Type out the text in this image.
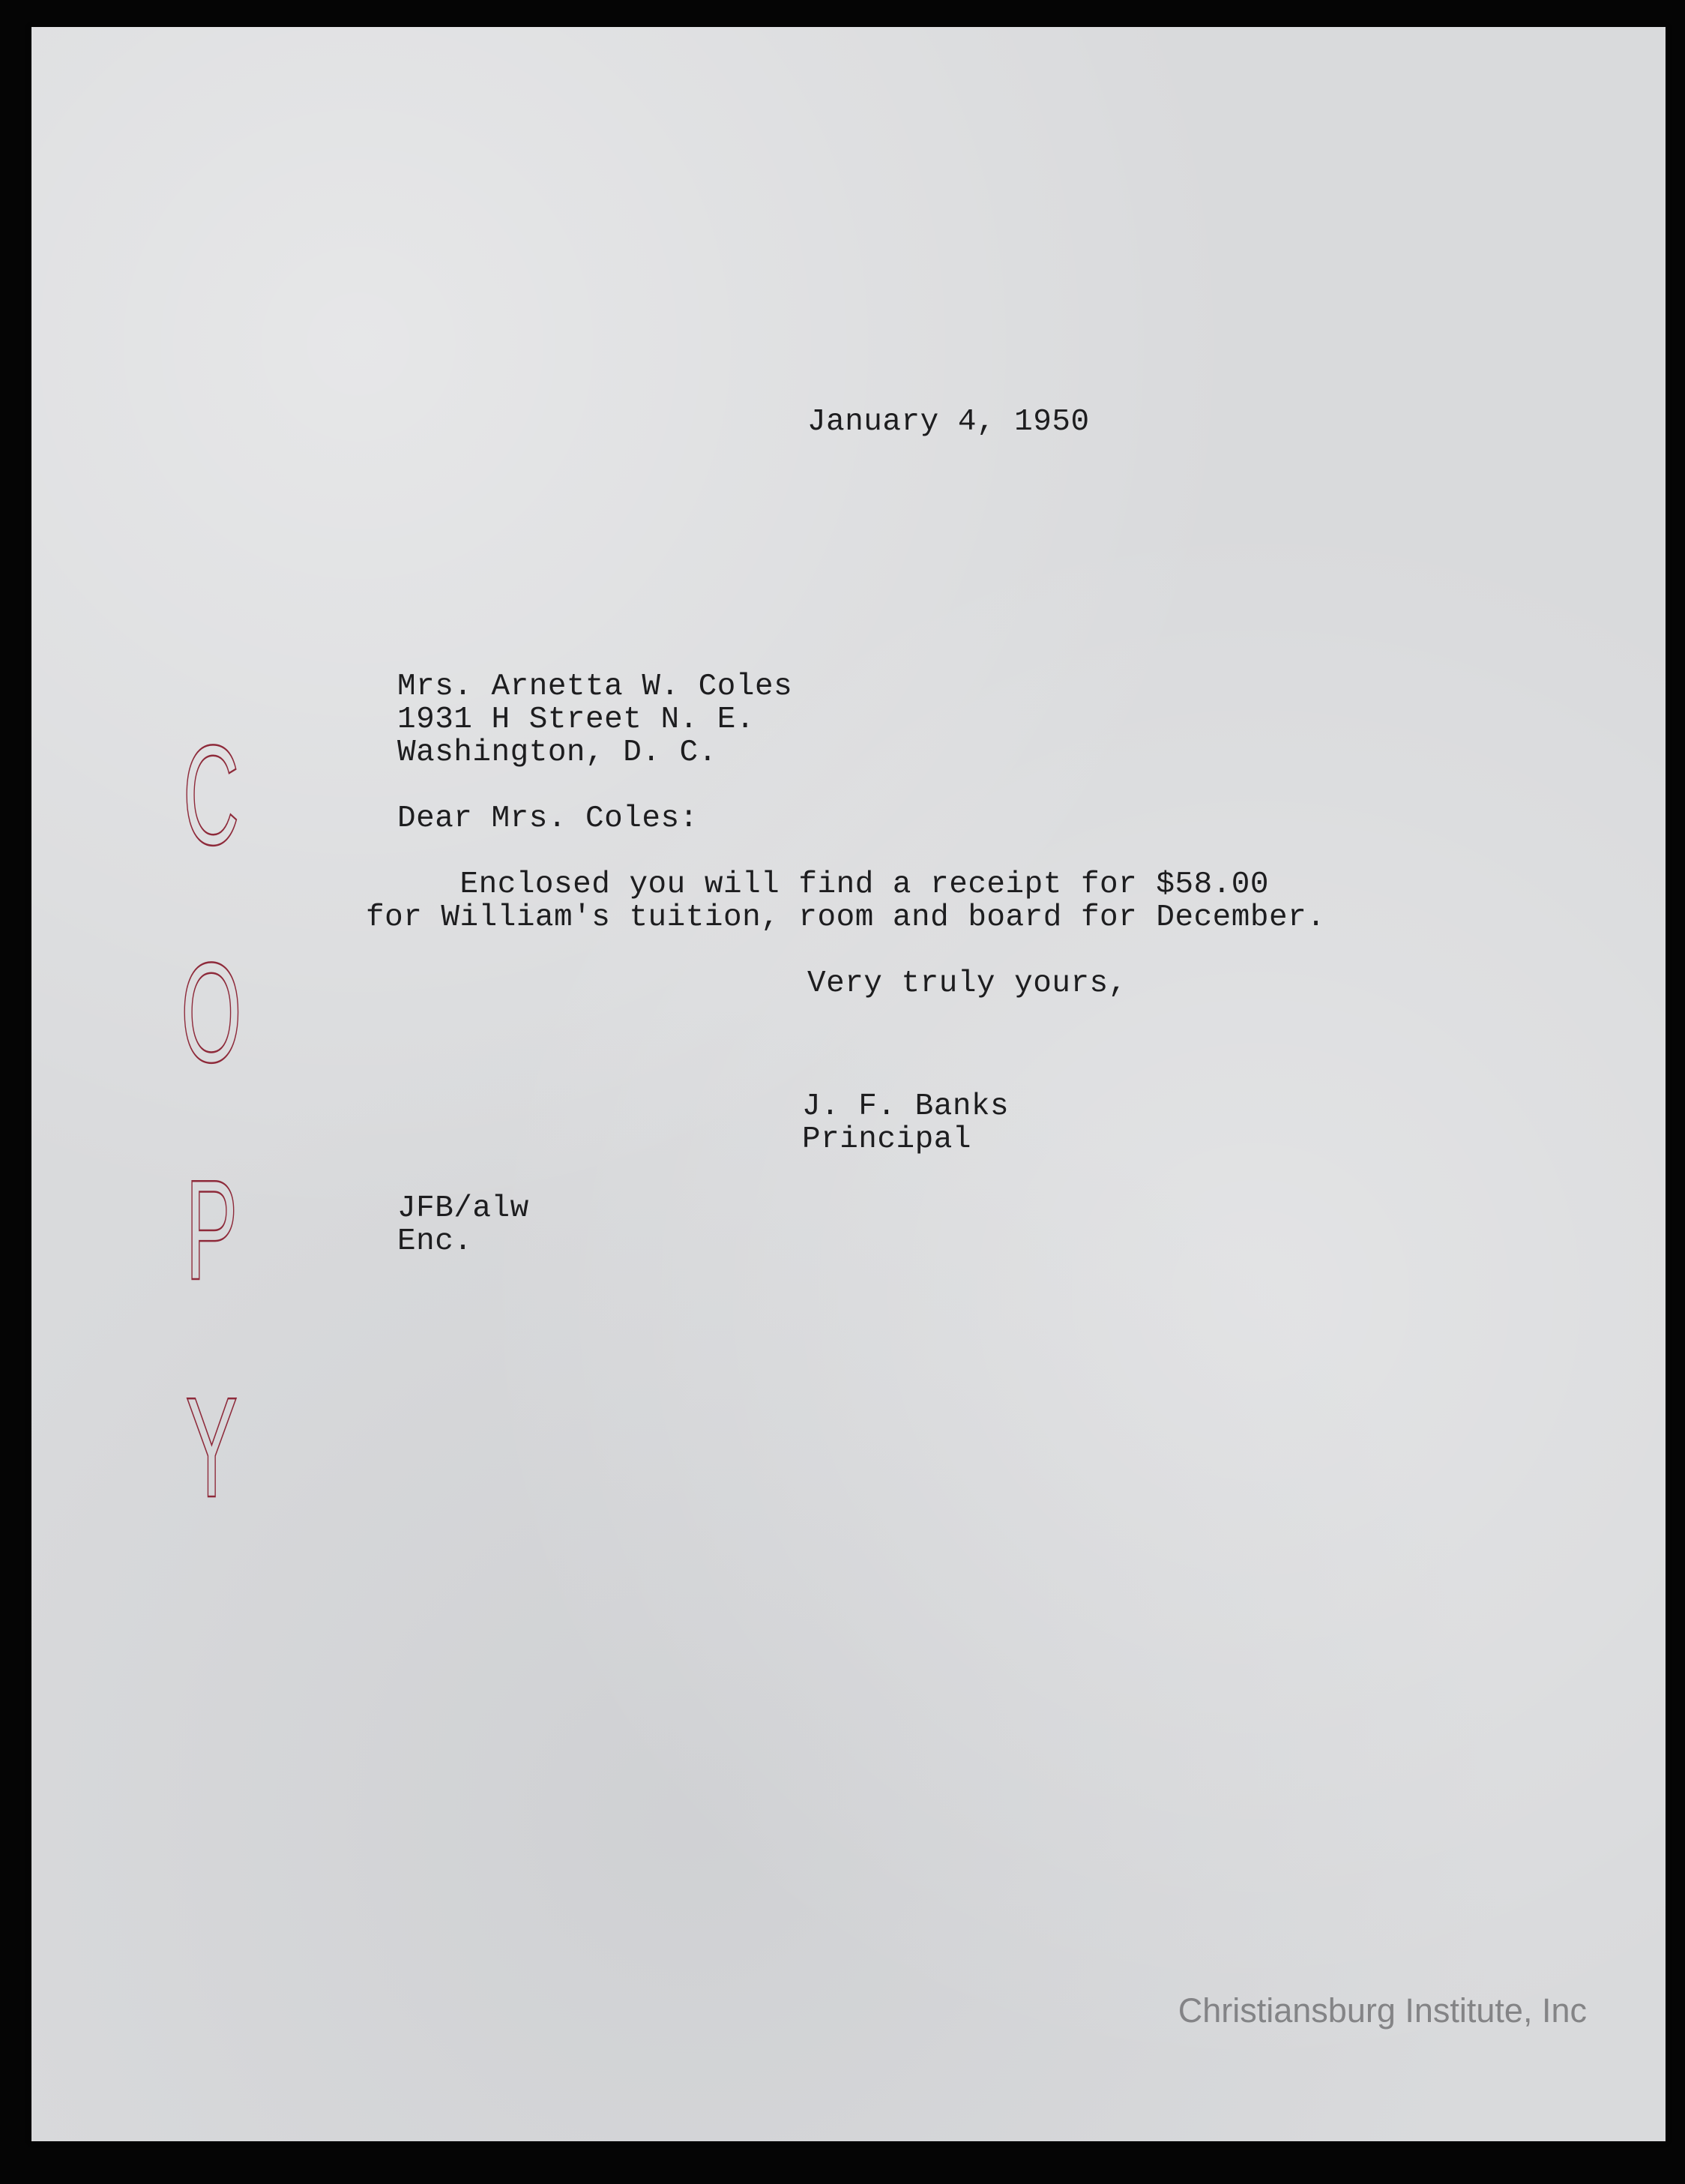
January 4, 1950
Mrs. Arnetta W. Coles
1931 H Street N. E.
Washington, D. C.
Dear Mrs. Coles:
Enclosed you will find a receipt for $58.00
for William's tuition, room and board for December.
Very truly yours,
J. F. Banks
Principal
JFB/alw
Enc.
C
O
P
Y
Christiansburg Institute, Inc
